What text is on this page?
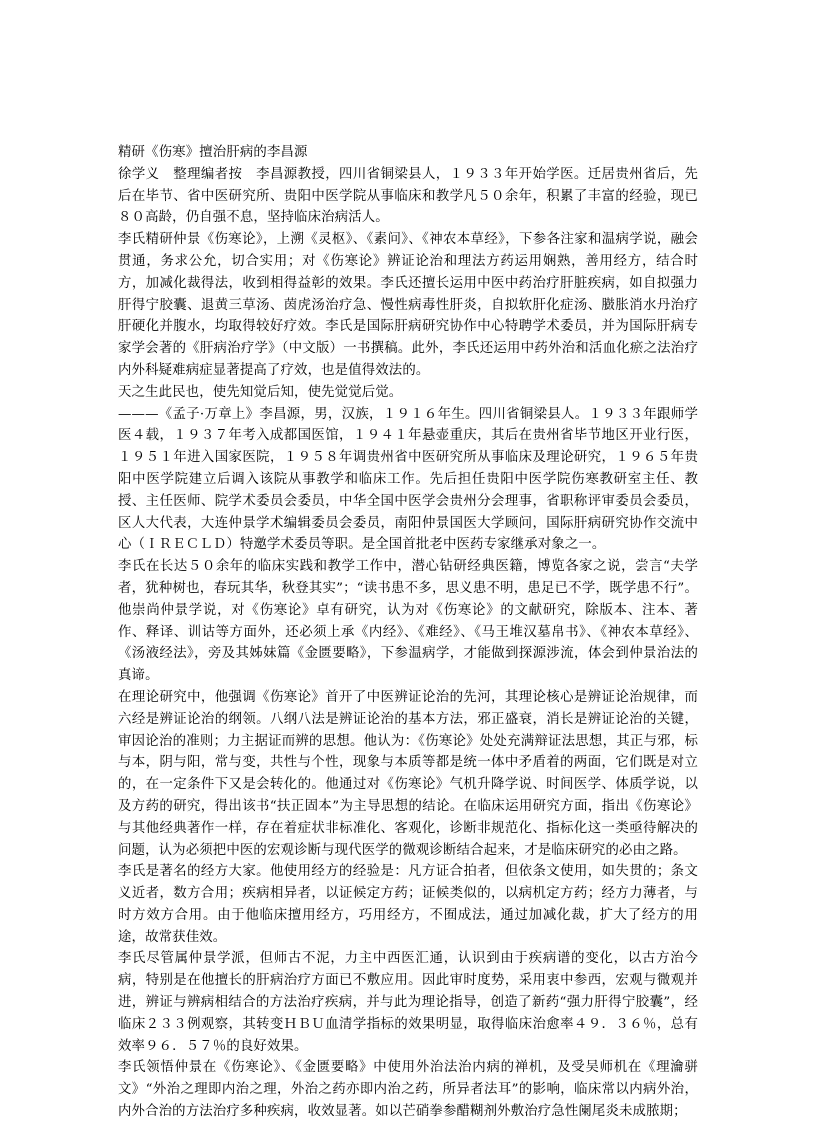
精研《伤寒》擅治肝病的李昌源

徐学义　整理编者按　李昌源教授，四川省铜梁县人，１９３３年开始学医。迁居贵州省后，先后在毕节、省中医研究所、贵阳中医学院从事临床和教学凡５０余年，积累了丰富的经验，现已８０高龄，仍自强不息，坚持临床治病活人。

李氏精研仲景《伤寒论》，上溯《灵枢》、《素问》、《神农本草经》，下参各注家和温病学说，融会贯通，务求公允，切合实用；对《伤寒论》辨证论治和理法方药运用娴熟，善用经方，结合时方，加减化裁得法，收到相得益彰的效果。李氏还擅长运用中医中药治疗肝脏疾病，如自拟强力肝得宁胶囊、退黄三草汤、茵虎汤治疗急、慢性病毒性肝炎，自拟软肝化症汤、臌胀消水丹治疗肝硬化并腹水，均取得较好疗效。李氏是国际肝病研究协作中心特聘学术委员，并为国际肝病专家学会著的《肝病治疗学》（中文版）一书撰稿。此外，李氏还运用中药外治和活血化瘀之法治疗内外科疑难病症显著提高了疗效，也是值得效法的。

天之生此民也，使先知觉后知，使先觉觉后觉。

———《孟子·万章上》李昌源，男，汉族，１９１６年生。四川省铜梁县人。１９３３年跟师学医４载，１９３７年考入成都国医馆，１９４１年悬壶重庆，其后在贵州省毕节地区开业行医，１９５１年进入国家医院，１９５８年调贵州省中医研究所从事临床及理论研究，１９６５年贵阳中医学院建立后调入该院从事教学和临床工作。先后担任贵阳中医学院伤寒教研室主任、教授、主任医师、院学术委员会委员，中华全国中医学会贵州分会理事，省职称评审委员会委员，区人大代表，大连仲景学术编辑委员会委员，南阳仲景国医大学顾问，国际肝病研究协作交流中心（ＩＲＥＣＬＤ）特邀学术委员等职。是全国首批老中医药专家继承对象之一。

李氏在长达５０余年的临床实践和教学工作中，潜心钻研经典医籍，博览各家之说，尝言“夫学者，犹种树也，春玩其华，秋登其实”；“读书患不多，思义患不明，患足已不学，既学患不行”。他崇尚仲景学说，对《伤寒论》卓有研究，认为对《伤寒论》的文献研究，除版本、注本、著作、释译、训诂等方面外，还必须上承《内经》、《难经》、《马王堆汉墓帛书》、《神农本草经》、《汤液经法》，旁及其姊妹篇《金匮要略》，下参温病学，才能做到探源涉流，体会到仲景治法的真谛。

在理论研究中，他强调《伤寒论》首开了中医辨证论治的先河，其理论核心是辨证论治规律，而六经是辨证论治的纲领。八纲八法是辨证论治的基本方法，邪正盛衰，消长是辨证论治的关键，审因论治的准则；力主据证而辨的思想。他认为：《伤寒论》处处充满辩证法思想，其正与邪，标与本，阴与阳，常与变，共性与个性，现象与本质等都是统一体中矛盾着的两面，它们既是对立的，在一定条件下又是会转化的。他通过对《伤寒论》气机升降学说、时间医学、体质学说，以及方药的研究，得出该书“扶正固本”为主导思想的结论。在临床运用研究方面，指出《伤寒论》与其他经典著作一样，存在着症状非标准化、客观化，诊断非规范化、指标化这一类亟待解决的问题，认为必须把中医的宏观诊断与现代医学的微观诊断结合起来，才是临床研究的必由之路。

李氏是著名的经方大家。他使用经方的经验是：凡方证合拍者，但依条文使用，如失贯的；条文义近者，数方合用；疾病相异者，以证候定方药；证候类似的，以病机定方药；经方力薄者，与时方效方合用。由于他临床擅用经方，巧用经方，不囿成法，通过加减化裁，扩大了经方的用途，故常获佳效。

李氏尽管属仲景学派，但师古不泥，力主中西医汇通，认识到由于疾病谱的变化，以古方治今病，特别是在他擅长的肝病治疗方面已不敷应用。因此审时度势，采用衷中参西，宏观与微观并进，辨证与辨病相结合的方法治疗疾病，并与此为理论指导，创造了新药“强力肝得宁胶囊”，经临床２３３例观察，其转变ＨＢＵ血清学指标的效果明显，取得临床治愈率４９．３６％，总有效率９６．５７％的良好效果。

李氏领悟仲景在《伤寒论》、《金匮要略》中使用外治法治内病的禅机，及受吴师机在《理瀹骈文》“外治之理即内治之理，外治之药亦即内治之药，所异者法耳”的影响，临床常以内病外治，内外合治的方法治疗多种疾病，收效显著。如以芒硝拳参醋糊剂外敷治疗急性阑尾炎未成脓期；
